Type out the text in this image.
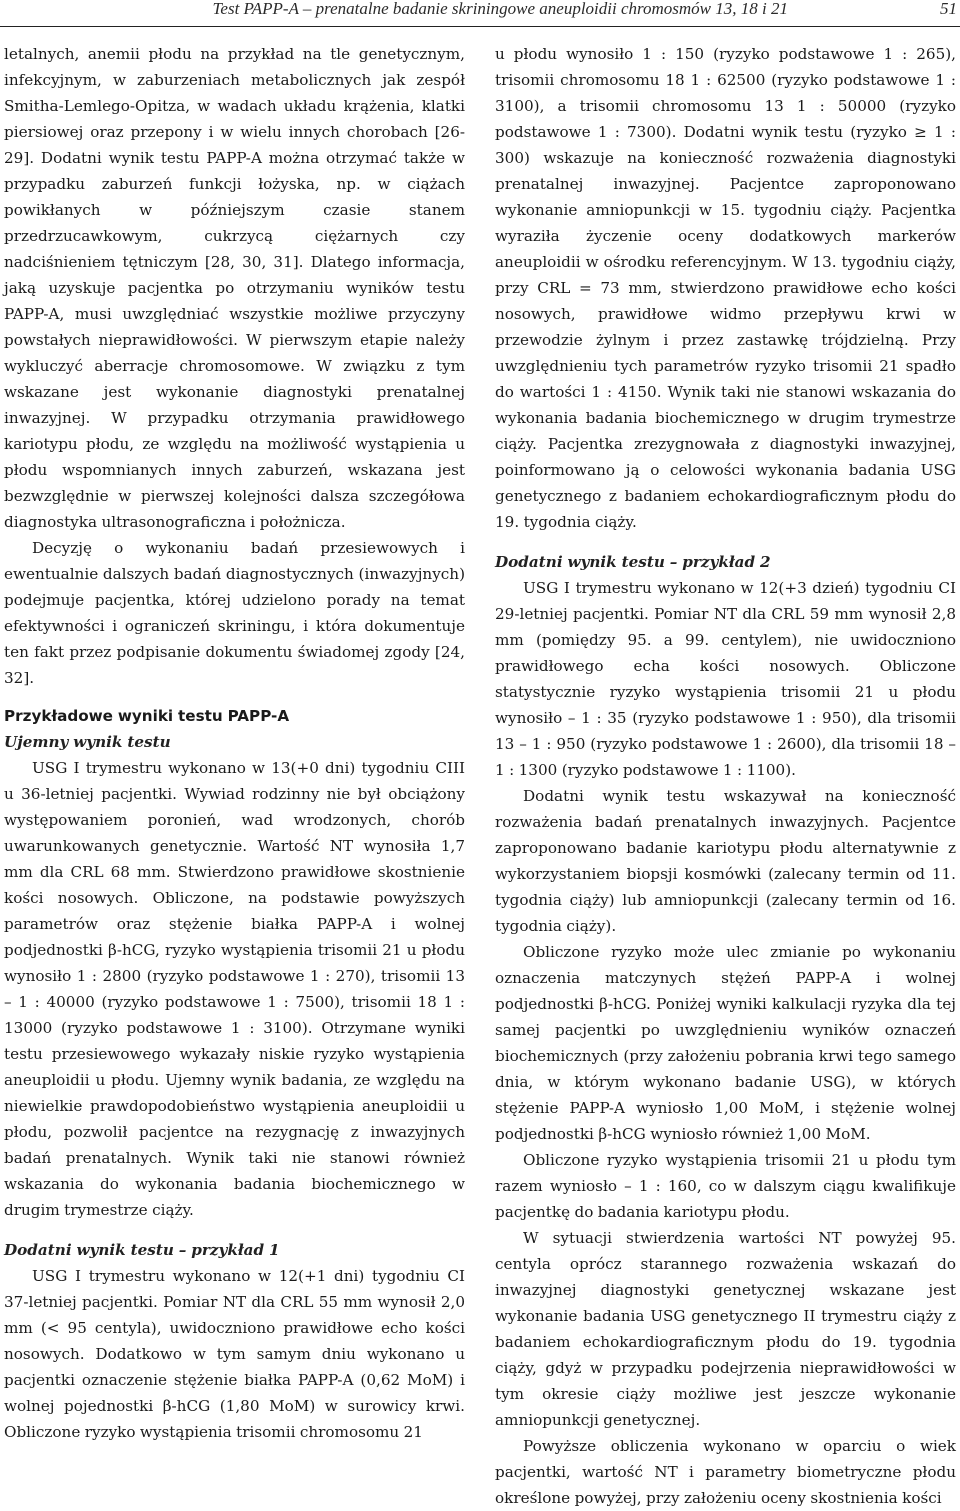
Test PAPP-A – prenatalne badanie skriningowe aneuploidii chromosmów 13, 18 i 21	51

letalnych, anemii płodu na przykład na tle genetycznym, infekcyjnym, w zaburzeniach metabolicznych jak zespół Smitha-Lemlego-Opitza, w wadach układu krążenia, klatki piersiowej oraz przepony i w wielu innych chorobach [26-29]. Dodatni wynik testu PAPP-A można otrzymać także w przypadku zaburzeń funkcji łożyska, np. w ciążach powikłanych w późniejszym czasie stanem przedrzucawkowym, cukrzycą ciężarnych czy nadciśnieniem tętniczym [28, 30, 31]. Dlatego informacja, jaką uzyskuje pacjentka po otrzymaniu wyników testu PAPP-A, musi uwzględniać wszystkie możliwe przyczyny powstałych nieprawidłowości. W pierwszym etapie należy wykluczyć aberracje chromosomowe. W związku z tym wskazane jest wykonanie diagnostyki prenatalnej inwazyjnej. W przypadku otrzymania prawidłowego kariotypu płodu, ze względu na możliwość wystąpienia u płodu wspomnianych innych zaburzeń, wskazana jest bezwzględnie w pierwszej kolejności dalsza szczegółowa diagnostyka ultrasonograficzna i położnicza.

Decyzję o wykonaniu badań przesiewowych i ewentualnie dalszych badań diagnostycznych (inwazyjnych) podejmuje pacjentka, której udzielono porady na temat efektywności i ograniczeń skriningu, i która dokumentuje ten fakt przez podpisanie dokumentu świadomej zgody [24, 32].

Przykładowe wyniki testu PAPP-A
Ujemny wynik testu

USG I trymestru wykonano w 13(+0 dni) tygodniu CIII u 36-letniej pacjentki. Wywiad rodzinny nie był obciążony występowaniem poronień, wad wrodzonych, chorób uwarunkowanych genetycznie. Wartość NT wynosiła 1,7 mm dla CRL 68 mm. Stwierdzono prawidłowe skostnienie kości nosowych. Obliczone, na podstawie powyższych parametrów oraz stężenie białka PAPP-A i wolnej podjednostki β-hCG, ryzyko wystąpienia trisomii 21 u płodu wynosiło 1 : 2800 (ryzyko podstawowe 1 : 270), trisomii 13 – 1 : 40000 (ryzyko podstawowe 1 : 7500), trisomii 18 1 : 13000 (ryzyko podstawowe 1 : 3100). Otrzymane wyniki testu przesiewowego wykazały niskie ryzyko wystąpienia aneuploidii u płodu. Ujemny wynik badania, ze względu na niewielkie prawdopodobieństwo wystąpienia aneuploidii u płodu, pozwolił pacjentce na rezygnację z inwazyjnych badań prenatalnych. Wynik taki nie stanowi również wskazania do wykonania badania biochemicznego w drugim trymestrze ciąży.

Dodatni wynik testu – przykład 1

USG I trymestru wykonano w 12(+1 dni) tygodniu CI 37-letniej pacjentki. Pomiar NT dla CRL 55 mm wynosił 2,0 mm (< 95 centyla), uwidoczniono prawidłowe echo kości nosowych. Dodatkowo w tym samym dniu wykonano u pacjentki oznaczenie stężenie białka PAPP-A (0,62 MoM) i wolnej pojednostki β-hCG (1,80 MoM) w surowicy krwi. Obliczone ryzyko wystąpienia trisomii chromosomu 21

u płodu wynosiło 1 : 150 (ryzyko podstawowe 1 : 265), trisomii chromosomu 18 1 : 62500 (ryzyko podstawowe 1 : 3100), a trisomii chromosomu 13 1 : 50000 (ryzyko podstawowe 1 : 7300). Dodatni wynik testu (ryzyko ≥ 1 : 300) wskazuje na konieczność rozważenia diagnostyki prenatalnej inwazyjnej. Pacjentce zaproponowano wykonanie amniopunkcji w 15. tygodniu ciąży. Pacjentka wyraziła życzenie oceny dodatkowych markerów aneuploidii w ośrodku referencyjnym. W 13. tygodniu ciąży, przy CRL = 73 mm, stwierdzono prawidłowe echo kości nosowych, prawidłowe widmo przepływu krwi w przewodzie żylnym i przez zastawkę trójdzielną. Przy uwzględnieniu tych parametrów ryzyko trisomii 21 spadło do wartości 1 : 4150. Wynik taki nie stanowi wskazania do wykonania badania biochemicznego w drugim trymestrze ciąży. Pacjentka zrezygnowała z diagnostyki inwazyjnej, poinformowano ją o celowości wykonania badania USG genetycznego z badaniem echokardiograficznym płodu do 19. tygodnia ciąży.

Dodatni wynik testu – przykład 2

USG I trymestru wykonano w 12(+3 dzień) tygodniu CI 29-letniej pacjentki. Pomiar NT dla CRL 59 mm wynosił 2,8 mm (pomiędzy 95. a 99. centylem), nie uwidoczniono prawidłowego echa kości nosowych. Obliczone statystycznie ryzyko wystąpienia trisomii 21 u płodu wynosiło – 1 : 35 (ryzyko podstawowe 1 : 950), dla trisomii 13 – 1 : 950 (ryzyko podstawowe 1 : 2600), dla trisomii 18 – 1 : 1300 (ryzyko podstawowe 1 : 1100).

Dodatni wynik testu wskazywał na konieczność rozważenia badań prenatalnych inwazyjnych. Pacjentce zaproponowano badanie kariotypu płodu alternatywnie z wykorzystaniem biopsji kosmówki (zalecany termin od 11. tygodnia ciąży) lub amniopunkcji (zalecany termin od 16. tygodnia ciąży).

Obliczone ryzyko może ulec zmianie po wykonaniu oznaczenia matczynych stężeń PAPP-A i wolnej podjednostki β-hCG. Poniżej wyniki kalkulacji ryzyka dla tej samej pacjentki po uwzględnieniu wyników oznaczeń biochemicznych (przy założeniu pobrania krwi tego samego dnia, w którym wykonano badanie USG), w których stężenie PAPP-A wyniosło 1,00 MoM, i stężenie wolnej podjednostki β-hCG wyniosło również 1,00 MoM.

Obliczone ryzyko wystąpienia trisomii 21 u płodu tym razem wyniosło – 1 : 160, co w dalszym ciągu kwalifikuje pacjentkę do badania kariotypu płodu.

W sytuacji stwierdzenia wartości NT powyżej 95. centyla oprócz starannego rozważenia wskazań do inwazyjnej diagnostyki genetycznej wskazane jest wykonanie badania USG genetycznego II trymestru ciąży z badaniem echokardiograficznym płodu do 19. tygodnia ciąży, gdyż w przypadku podejrzenia nieprawidłowości w tym okresie ciąży możliwe jest jeszcze wykonanie amniopunkcji genetycznej.

Powyższe obliczenia wykonano w oparciu o wiek pacjentki, wartość NT i parametry biometryczne płodu określone powyżej, przy założeniu oceny skostnienia kości
